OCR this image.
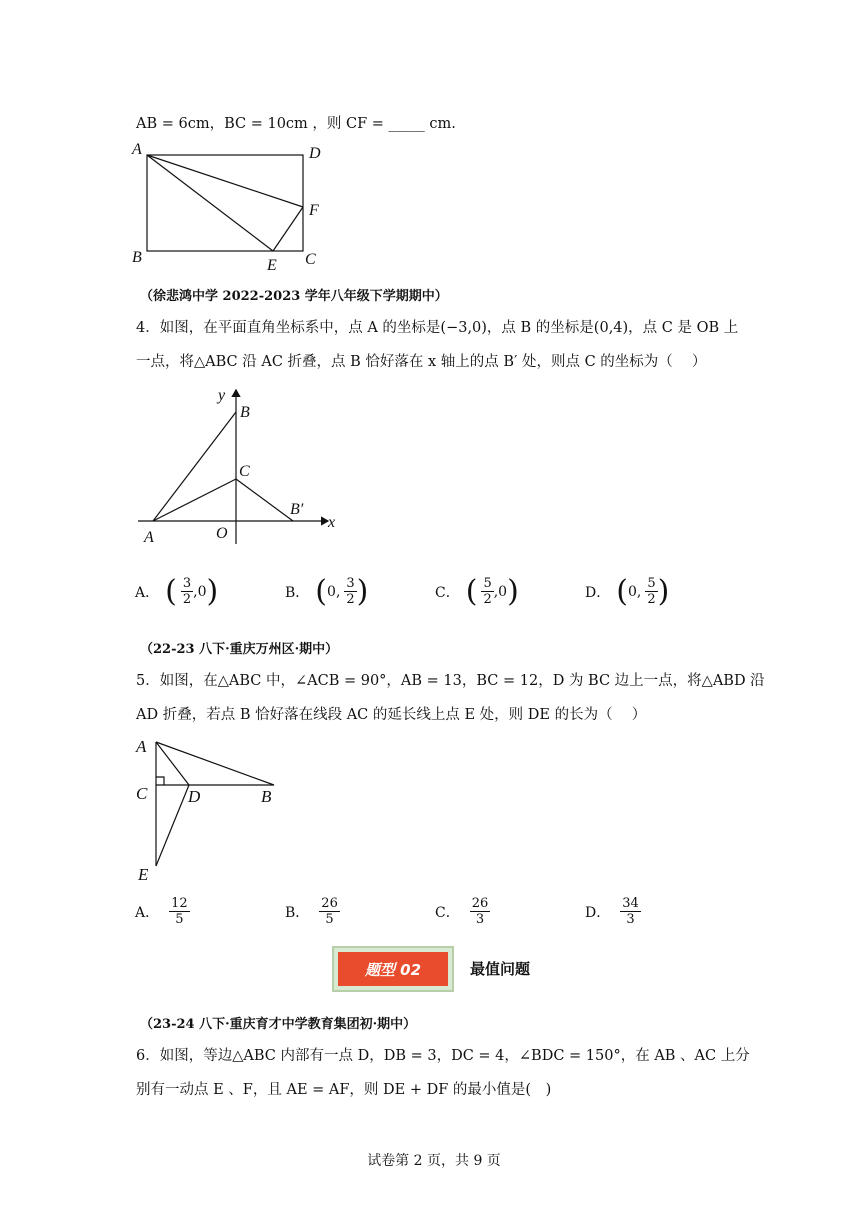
AB = 6cm，BC = 10cm ，则 CF = _____ cm.
A	D
B	E C
F
（徐悲鸿中学 2022-2023 学年八年级下学期期中）
4．如图，在平面直角坐标系中，点 A 的坐标是(−3,0)，点 B 的坐标是(0,4)，点 C 是 OB 上
一点，将△ABC 沿 AC 折叠，点 B 恰好落在 x 轴上的点 B′ 处，则点 C 的坐标为（　 ）
y
B
C
B′
x
A	O
A． ( $\frac{3}{2}$ , 0 )	B． ( 0 , $\frac{3}{2}$ )	C． ( $\frac{5}{2}$ , 0 )	D． ( 0 , $\frac{5}{2}$ )
（22-23 八下·重庆万州区·期中）
5．如图，在△ABC 中，∠ACB = 90°，AB = 13，BC = 12，D 为 BC 边上一点，将△ABD 沿
AD 折叠，若点 B 恰好落在线段 AC 的延长线上点 E 处，则 DE 的长为（　 ）
A
C D	B
E
A． $\frac{12}{5}$	B． $\frac{26}{5}$	C． $\frac{26}{3}$	D． $\frac{34}{3}$
题型 02	最值问题
（23-24 八下·重庆育才中学教育集团初·期中）
6．如图，等边△ABC 内部有一点 D，DB = 3，DC = 4，∠BDC = 150°，在 AB 、AC 上分
别有一动点 E 、F，且 AE = AF，则 DE + DF 的最小值是(　)
试卷第 2 页，共 9 页
